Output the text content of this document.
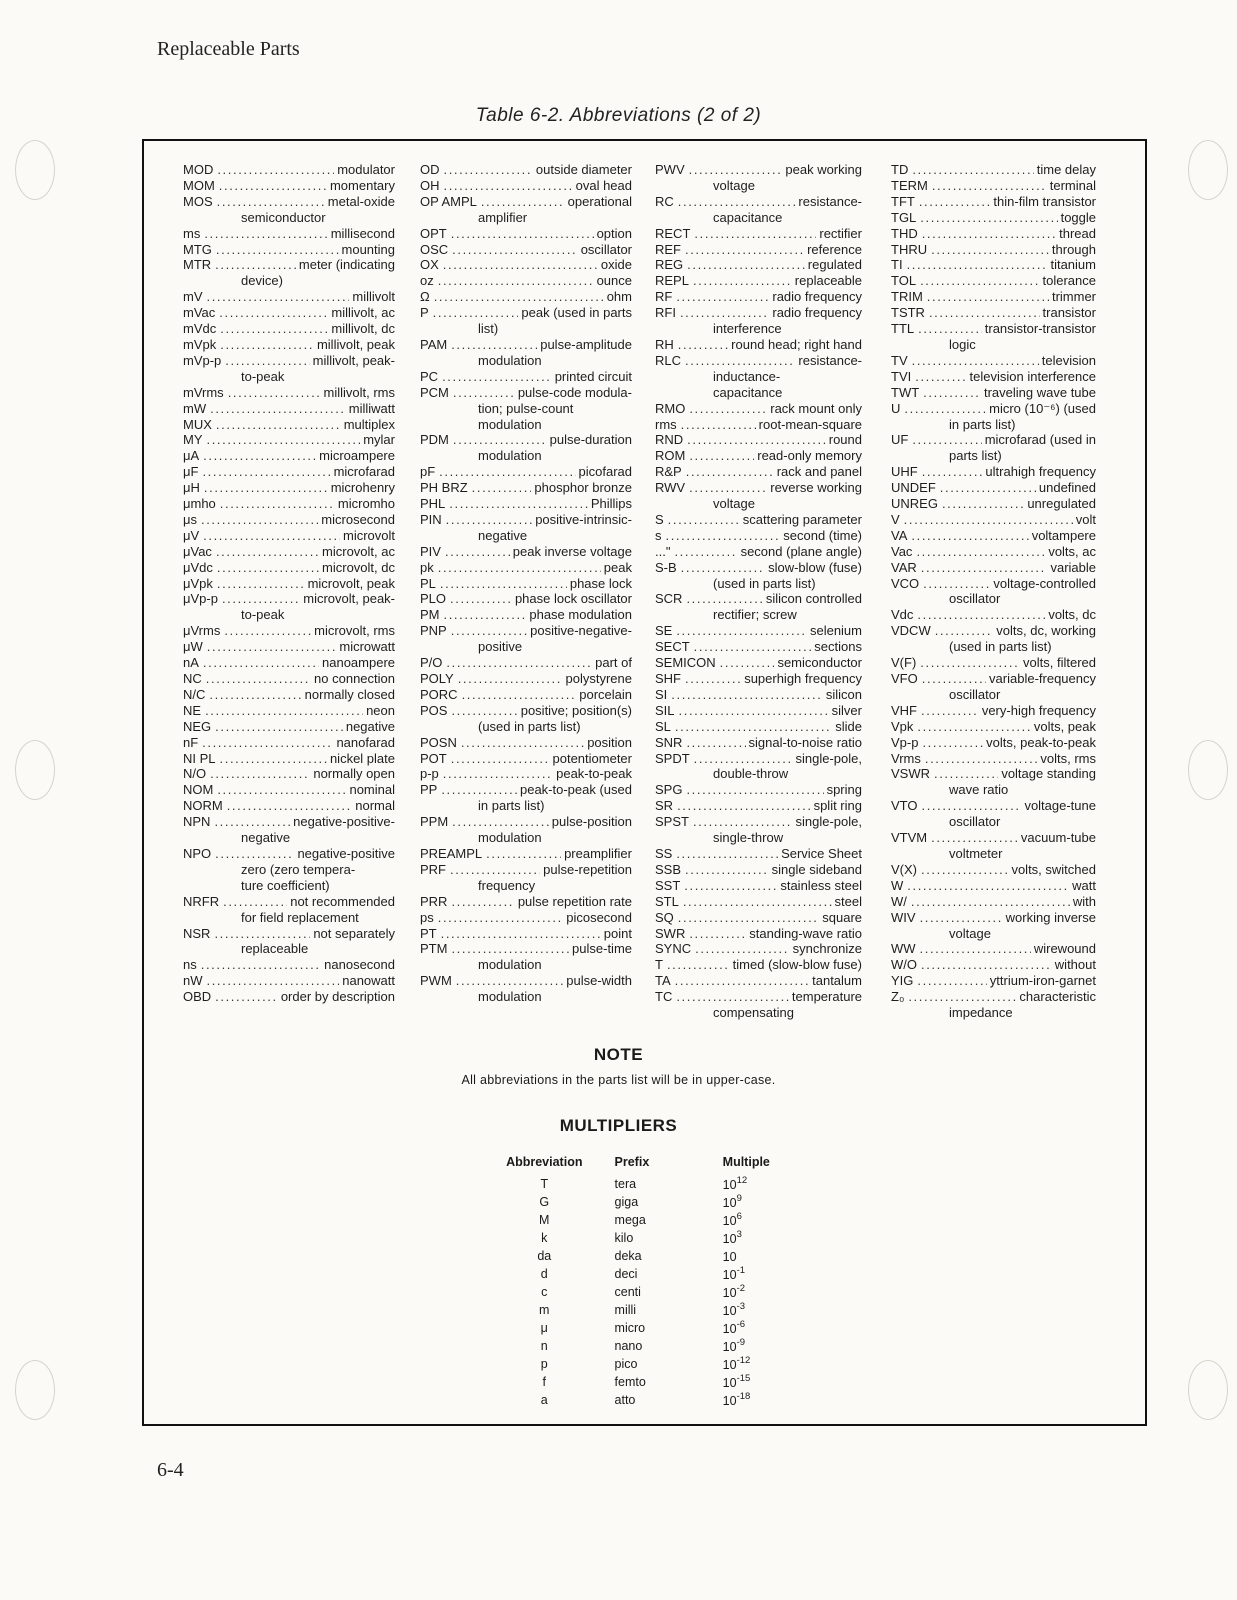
Replaceable Parts
Table 6-2. Abbreviations (2 of 2)
MOD .....	modulator
MOM .....	momentary
MOS .....	metal-oxide
semiconductor
ms .....	millisecond
MTG .....	mounting
MTR .....	meter (indicating
device)
mV .....	millivolt
mVac .....	millivolt, ac
mVdc .....	millivolt, dc
mVpk .....	millivolt, peak
mVp-p .....	millivolt, peak-
to-peak
mVrms .....	millivolt, rms
mW .....	milliwatt
MUX .....	multiplex
MY .....	mylar
μA .....	microampere
μF .....	microfarad
μH .....	microhenry
μmho .....	micromho
μs .....	microsecond
μV .....	microvolt
μVac .....	microvolt, ac
μVdc .....	microvolt, dc
μVpk .....	microvolt, peak
μVp-p .....	microvolt, peak-
to-peak
μVrms .....	microvolt, rms
μW .....	microwatt
nA .....	nanoampere
NC .....	no connection
N/C .....	normally closed
NE .....	neon
NEG .....	negative
nF .....	nanofarad
NI PL .....	nickel plate
N/O .....	normally open
NOM .....	nominal
NORM .....	normal
NPN .....	negative-positive-
negative
NPO .....	negative-positive
zero (zero tempera-
ture coefficient)
NRFR .....	not recommended
for field replacement
NSR .....	not separately
replaceable
ns .....	nanosecond
nW .....	nanowatt
OBD .....	order by description
OD .....	outside diameter
OH .....	oval head
OP AMPL .....	operational
amplifier
OPT .....	option
OSC .....	oscillator
OX .....	oxide
oz .....	ounce
Ω .....	ohm
P .....	peak (used in parts
list)
PAM .....	pulse-amplitude
modulation
PC .....	printed circuit
PCM .....	pulse-code modula-
tion; pulse-count
modulation
PDM .....	pulse-duration
modulation
pF .....	picofarad
PH BRZ .....	phosphor bronze
PHL .....	Phillips
PIN .....	positive-intrinsic-
negative
PIV .....	peak inverse voltage
pk .....	peak
PL .....	phase lock
PLO .....	phase lock oscillator
PM .....	phase modulation
PNP .....	positive-negative-
positive
P/O .....	part of
POLY .....	polystyrene
PORC .....	porcelain
POS .....	positive; position(s)
(used in parts list)
POSN .....	position
POT .....	potentiometer
p-p .....	peak-to-peak
PP .....	peak-to-peak (used
in parts list)
PPM .....	pulse-position
modulation
PREAMPL .....	preamplifier
PRF .....	pulse-repetition
frequency
PRR .....	pulse repetition rate
ps .....	picosecond
PT .....	point
PTM .....	pulse-time
modulation
PWM .....	pulse-width
modulation
PWV .....	peak working
voltage
RC .....	resistance-
capacitance
RECT .....	rectifier
REF .....	reference
REG .....	regulated
REPL .....	replaceable
RF .....	radio frequency
RFI .....	radio frequency
interference
RH .....	round head; right hand
RLC .....	resistance-
inductance-
capacitance
RMO .....	rack mount only
rms .....	root-mean-square
RND .....	round
ROM .....	read-only memory
R&P .....	rack and panel
RWV .....	reverse working
voltage
S .....	scattering parameter
s .....	second (time)
..." .....	second (plane angle)
S-B .....	slow-blow (fuse)
(used in parts list)
SCR .....	silicon controlled
rectifier; screw
SE .....	selenium
SECT .....	sections
SEMICON .....	semiconductor
SHF .....	superhigh frequency
SI .....	silicon
SIL .....	silver
SL .....	slide
SNR .....	signal-to-noise ratio
SPDT .....	single-pole,
double-throw
SPG .....	spring
SR .....	split ring
SPST .....	single-pole,
single-throw
SS .....	Service Sheet
SSB .....	single sideband
SST .....	stainless steel
STL .....	steel
SQ .....	square
SWR .....	standing-wave ratio
SYNC .....	synchronize
T .....	timed (slow-blow fuse)
TA .....	tantalum
TC .....	temperature
compensating
TD .....	time delay
TERM .....	terminal
TFT .....	thin-film transistor
TGL .....	toggle
THD .....	thread
THRU .....	through
TI .....	titanium
TOL .....	tolerance
TRIM .....	trimmer
TSTR .....	transistor
TTL .....	transistor-transistor
logic
TV .....	television
TVI .....	television interference
TWT .....	traveling wave tube
U .....	micro (10⁻⁶) (used
in parts list)
UF .....	microfarad (used in
parts list)
UHF .....	ultrahigh frequency
UNDEF .....	undefined
UNREG .....	unregulated
V .....	volt
VA .....	voltampere
Vac .....	volts, ac
VAR .....	variable
VCO .....	voltage-controlled
oscillator
Vdc .....	volts, dc
VDCW .....	volts, dc, working
(used in parts list)
V(F) .....	volts, filtered
VFO .....	variable-frequency
oscillator
VHF .....	very-high frequency
Vpk .....	volts, peak
Vp-p .....	volts, peak-to-peak
Vrms .....	volts, rms
VSWR .....	voltage standing
wave ratio
VTO .....	voltage-tune
oscillator
VTVM .....	vacuum-tube
voltmeter
V(X) .....	volts, switched
W .....	watt
W/ .....	with
WIV .....	working inverse
voltage
WW .....	wirewound
W/O .....	without
YIG .....	yttrium-iron-garnet
Z₀ .....	characteristic
impedance
NOTE
All abbreviations in the parts list will be in upper-case.
MULTIPLIERS
Abbreviation	Prefix	Multiple
T	tera	$10^{12}$
G	giga	$10^9$
M	mega	$10^6$
k	kilo	$10^3$
da	deka	10
d	deci	$10^{-1}$
c	centi	$10^{-2}$
m	milli	$10^{-3}$
μ	micro	$10^{-6}$
n	nano	$10^{-9}$
p	pico	$10^{-12}$
f	femto	$10^{-15}$
a	atto	$10^{-18}$
6-4
